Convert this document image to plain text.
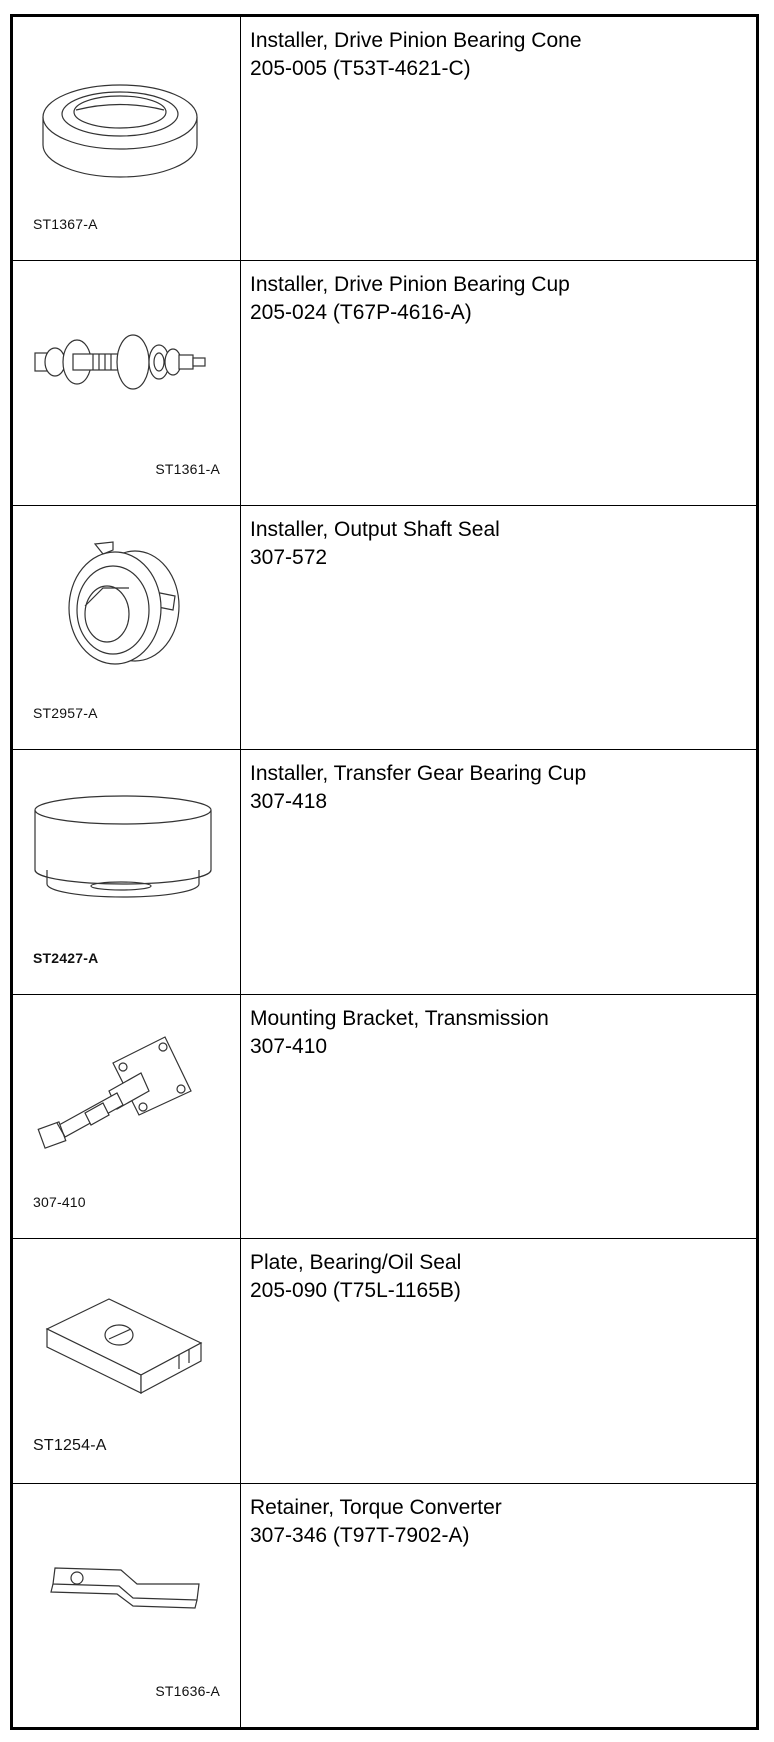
ST1367-A
Installer, Drive Pinion Bearing Cone
205-005 (T53T-4621-C)
ST1361-A
Installer, Drive Pinion Bearing Cup
205-024 (T67P-4616-A)
ST2957-A
Installer, Output Shaft Seal
307-572
ST2427-A
Installer, Transfer Gear Bearing Cup
307-418
307-410
Mounting Bracket, Transmission
307-410
ST1254-A
Plate, Bearing/Oil Seal
205-090 (T75L-1165B)
ST1636-A
Retainer, Torque Converter
307-346 (T97T-7902-A)
